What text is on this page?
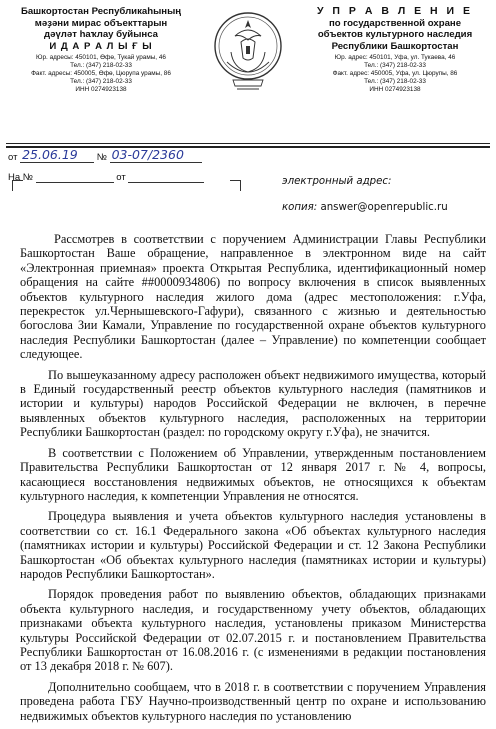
Башкортостан Республикаһының
мәҙәни мирас объекттарын
дәүләт һаҡлау буйынса
И Д А Р А Л Ы Ғ Ы
Юр. адресы: 450101, Өфө, Тукай урамы, 46
Тел.: (347) 218-02-33
Факт. адресы: 450005, Өфө, Цюрупа урамы, 86
Тел.: (347) 218-02-33
ИНН 0274923138
У П Р А В Л Е Н И Е
по государственной охране
объектов культурного наследия
Республики Башкортостан
Юр. адрес: 450101, Уфа, ул. Тукаева, 46
Тел.: (347) 218-02-33
Факт. адрес: 450005, Уфа, ул. Цюрупы, 86
Тел.: (347) 218-02-33
ИНН 0274923138
от 25.06.19 № 03-07/2360
На №	от	электронный адрес:
копия: answer@openrepublic.ru

Рассмотрев в соответствии с поручением Администрации Главы Республики Башкортостан Ваше обращение, направленное в электронном виде на сайт «Электронная приемная» проекта Открытая Республика, идентификационный номер обращения на сайте ##0000934806) по вопросу включения в список выявленных объектов культурного наследия жилого дома (адрес местоположения: г.Уфа, перекресток ул.Чернышевского-Гафури), связанного с жизнью и деятельностью богослова Зии Камали, Управление по государственной охране объектов культурного наследия Республики Башкортостан (далее – Управление) по компетенции сообщает следующее.

По вышеуказанному адресу расположен объект недвижимого имущества, который в Единый государственный реестр объектов культурного наследия (памятников и истории и культуры) народов Российской Федерации не включен, в перечне выявленных объектов культурного наследия, расположенных на территории Республики Башкортостан (раздел: по городскому округу г.Уфа), не значится.

В соответствии с Положением об Управлении, утвержденным постановлением Правительства Республики Башкортостан от 12 января 2017 г. № 4, вопросы, касающиеся восстановления недвижимых объектов, не относящихся к объектам культурного наследия, к компетенции Управления не относятся.

Процедура выявления и учета объектов культурного наследия установлены в соответствии со ст. 16.1 Федерального закона «Об объектах культурного наследия (памятниках истории и культуры) Российской Федерации и ст. 12 Закона Республики Башкортостан «Об объектах культурного наследия (памятниках истории и культуры) народов Республики Башкортостан».

Порядок проведения работ по выявлению объектов, обладающих признаками объекта культурного наследия, и государственному учету объектов, обладающих признаками объекта культурного наследия, установлены приказом Министерства культуры Российской Федерации от 02.07.2015 г. и постановлением Правительства Республики Башкортостан от 16.08.2016 г. (с изменениями в редакции постановления от 13 декабря 2018 г. № 607).

Дополнительно сообщаем, что в 2018 г. в соответствии с поручением Управления проведена работа ГБУ Научно-производственный центр по охране и использованию недвижимых объектов культурного наследия по установлению
